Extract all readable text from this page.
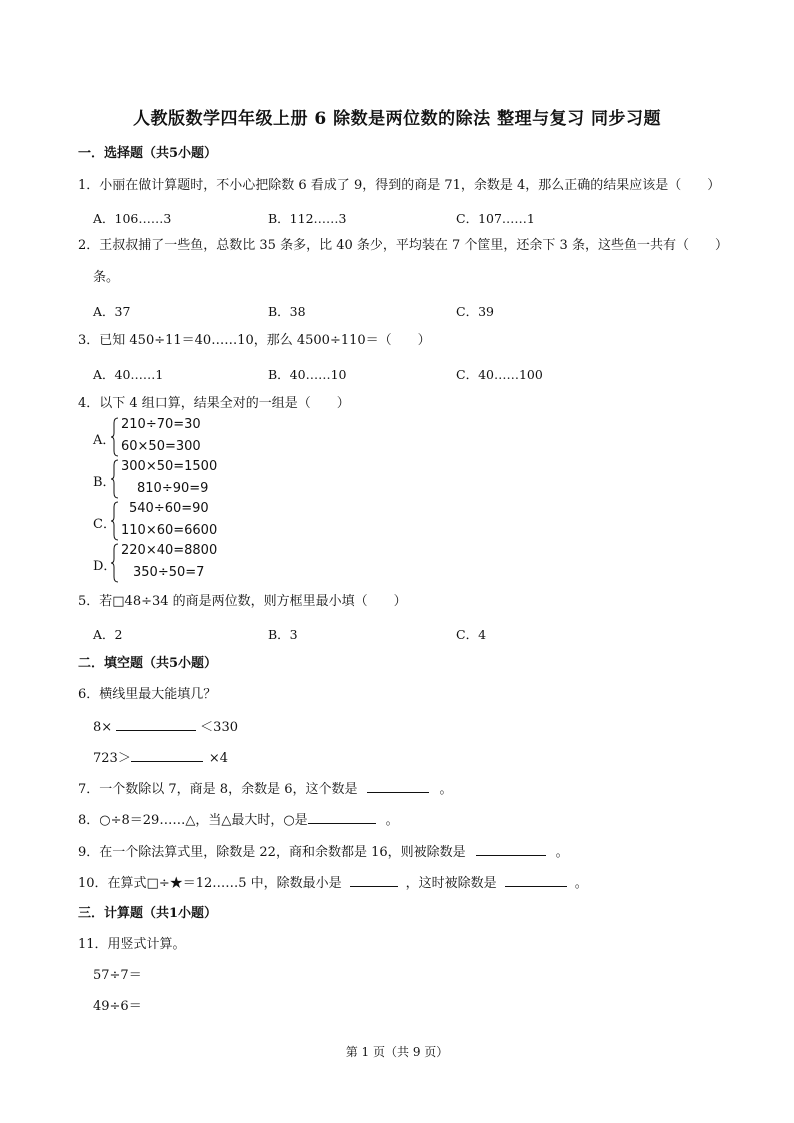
人教版数学四年级上册 6 除数是两位数的除法 整理与复习 同步习题
一．选择题（共5小题）
1．小丽在做计算题时，不小心把除数 6 看成了 9，得到的商是 71，余数是 4，那么正确的结果应该是（　　）
A．106……3	B．112……3	C．107……1
2．王叔叔捕了一些鱼，总数比 35 条多，比 40 条少，平均装在 7 个筐里，还余下 3 条，这些鱼一共有（　　）
条。
A．37	B．38	C．39
3．已知 450÷11＝40……10，那么 4500÷110＝（　　）
A．40……1	B．40……10	C．40……100
4．以下 4 组口算，结果全对的一组是（　　）
A．
210÷70=30
60×50=300
B．
300×50=1500
810÷90=9
C．
540÷60=90
110×60=6600
D．
220×40=8800
350÷50=7
5．若□48÷34 的商是两位数，则方框里最小填（　　）
A．2	B．3	C．4
二．填空题（共5小题）
6．横线里最大能填几？
8×	＜330
723＞	×4
7．一个数除以 7，商是 8，余数是 6，这个数是	。
8．○÷8＝29……△，当△最大时，○是	。
9．在一个除法算式里，除数是 22，商和余数都是 16，则被除数是	。
10．在算式□÷★＝12……5 中，除数最小是	，这时被除数是	。
三．计算题（共1小题）
11．用竖式计算。
57÷7＝
49÷6＝
第 1 页（共 9 页）
